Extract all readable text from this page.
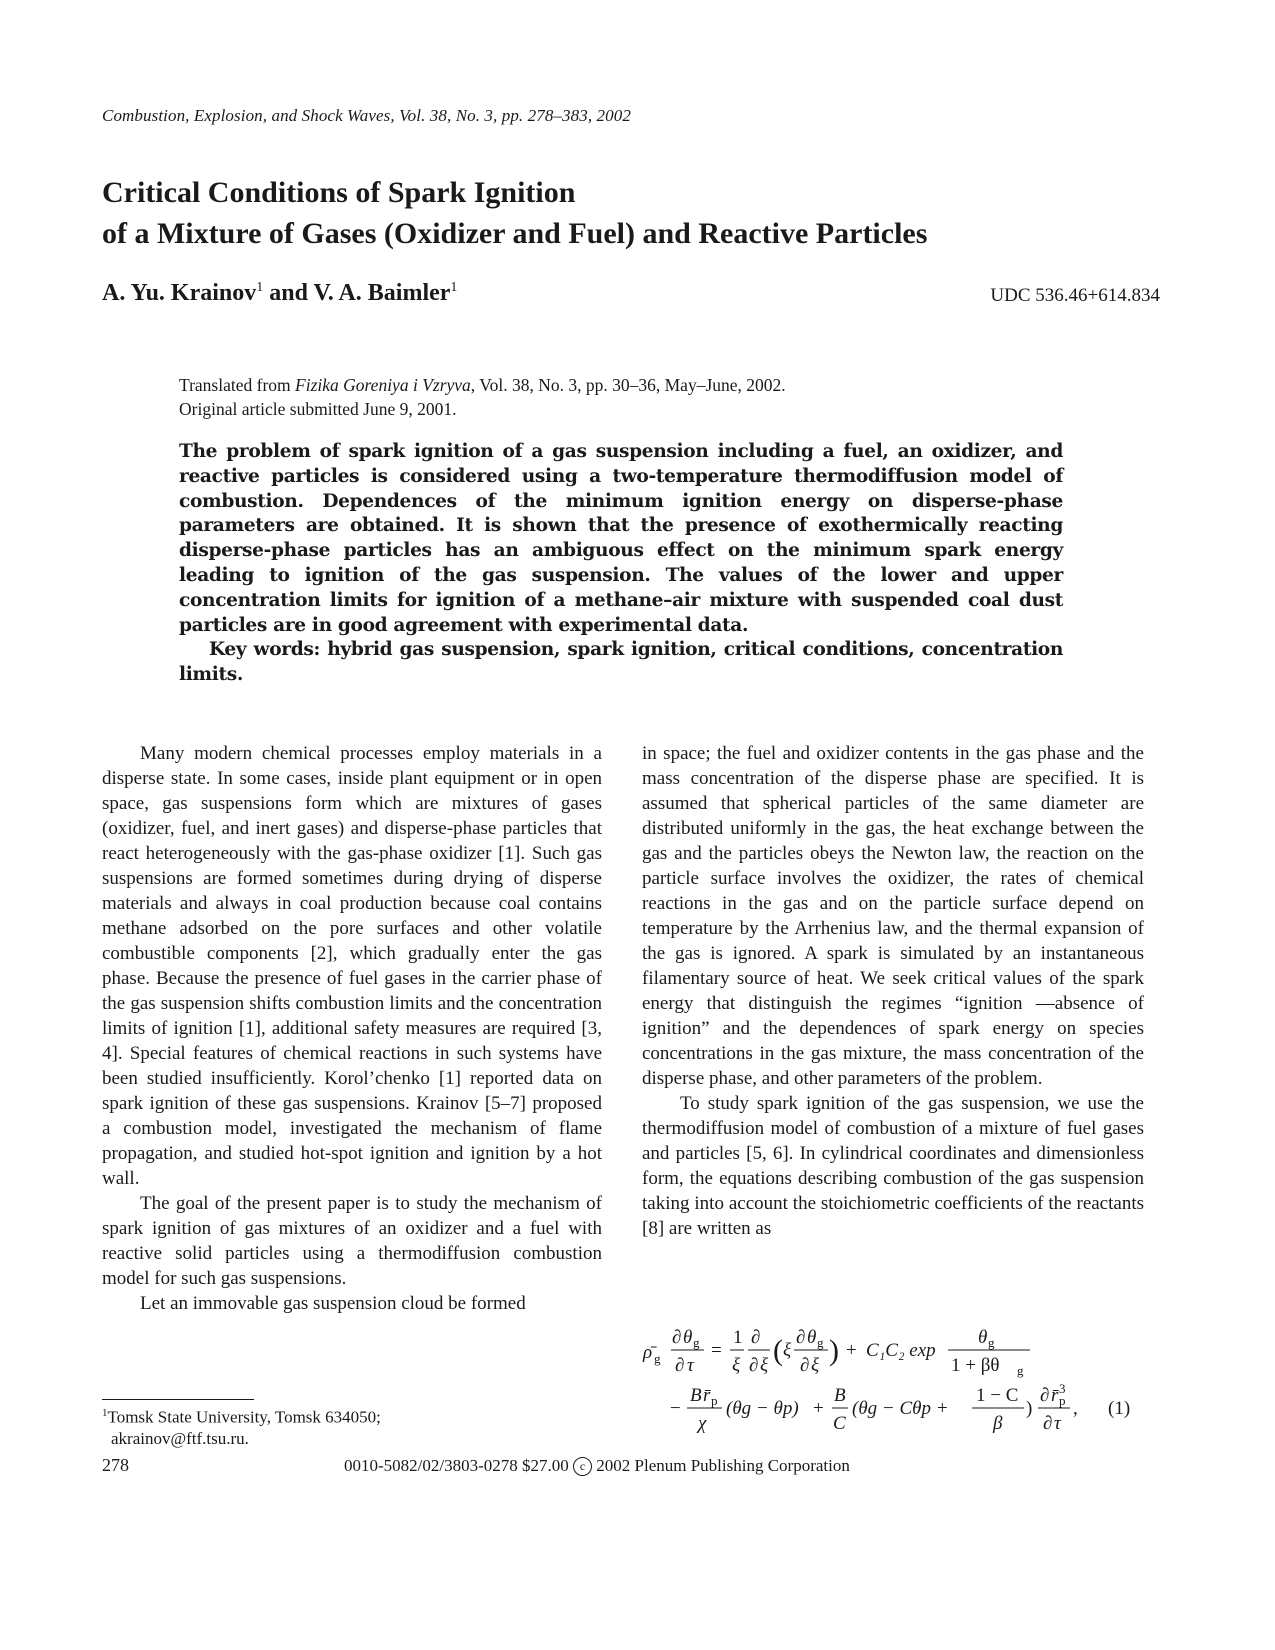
Combustion, Explosion, and Shock Waves, Vol. 38, No. 3, pp. 278–383, 2002
Critical Conditions of Spark Ignition
of a Mixture of Gases (Oxidizer and Fuel) and Reactive Particles
A. Yu. Krainov$^1$ and V. A. Baimler$^1$	UDC 536.46+614.834
Translated from Fizika Goreniya i Vzryva, Vol. 38, No. 3, pp. 30–36, May–June, 2002.
Original article submitted June 9, 2001.
The problem of spark ignition of a gas suspension including a fuel, an oxidizer, and reactive particles is considered using a two-temperature thermodiffusion model of combustion. Dependences of the minimum ignition energy on disperse-phase parameters are obtained. It is shown that the presence of exothermically reacting disperse-phase particles has an ambiguous effect on the minimum spark energy leading to ignition of the gas suspension. The values of the lower and upper concentration limits for ignition of a methane–air mixture with suspended coal dust particles are in good agreement with experimental data.
Key words: hybrid gas suspension, spark ignition, critical conditions, concentration limits.

Many modern chemical processes employ materials in a disperse state. In some cases, inside plant equipment or in open space, gas suspensions form which are mixtures of gases (oxidizer, fuel, and inert gases) and disperse-phase particles that react heterogeneously with the gas-phase oxidizer [1]. Such gas suspensions are formed sometimes during drying of disperse materials and always in coal production because coal contains methane adsorbed on the pore surfaces and other volatile combustible components [2], which gradually enter the gas phase. Because the presence of fuel gases in the carrier phase of the gas suspension shifts combustion limits and the concentration limits of ignition [1], additional safety measures are required [3, 4]. Special features of chemical reactions in such systems have been studied insufficiently. Korol’chenko [1] reported data on spark ignition of these gas suspensions. Krainov [5–7] proposed a combustion model, investigated the mechanism of flame propagation, and studied hot-spot ignition and ignition by a hot wall.

The goal of the present paper is to study the mechanism of spark ignition of gas mixtures of an oxidizer and a fuel with reactive solid particles using a thermodiffusion combustion model for such gas suspensions.

Let an immovable gas suspension cloud be formed

in space; the fuel and oxidizer contents in the gas phase and the mass concentration of the disperse phase are specified. It is assumed that spherical particles of the same diameter are distributed uniformly in the gas, the heat exchange between the gas and the particles obeys the Newton law, the reaction on the particle surface involves the oxidizer, the rates of chemical reactions in the gas and on the particle surface depend on temperature by the Arrhenius law, and the thermal expansion of the gas is ignored. A spark is simulated by an instantaneous filamentary source of heat. We seek critical values of the spark energy that distinguish the regimes “ignition —absence of ignition” and the dependences of spark energy on species concentrations in the gas mixture, the mass concentration of the disperse phase, and other parameters of the problem.

To study spark ignition of the gas suspension, we use the thermodiffusion model of combustion of a mixture of fuel gases and particles [5, 6]. In cylindrical coordinates and dimensionless form, the equations describing combustion of the gas suspension taking into account the stoichiometric coefficients of the reactants [8] are written as

ρ̄ g
∂ θ g
∂ τ
=
1
ξ
∂
∂ ξ ( ξ
∂ θ g
∂ ξ ) + C₁C₂ exp
θ g
1 + βθ g
−
B r̄ p
χ
(θg − θp) +
B
C
(θg − Cθp +
1 − C
β
)
∂ r̄ 3
p
∂ τ
, (1)
$^1$Tomsk State University, Tomsk 634050;
akrainov@ftf.tsu.ru.
278	0010-5082/02/3803-0278 $27.00 c 2002 Plenum Publishing Corporation
